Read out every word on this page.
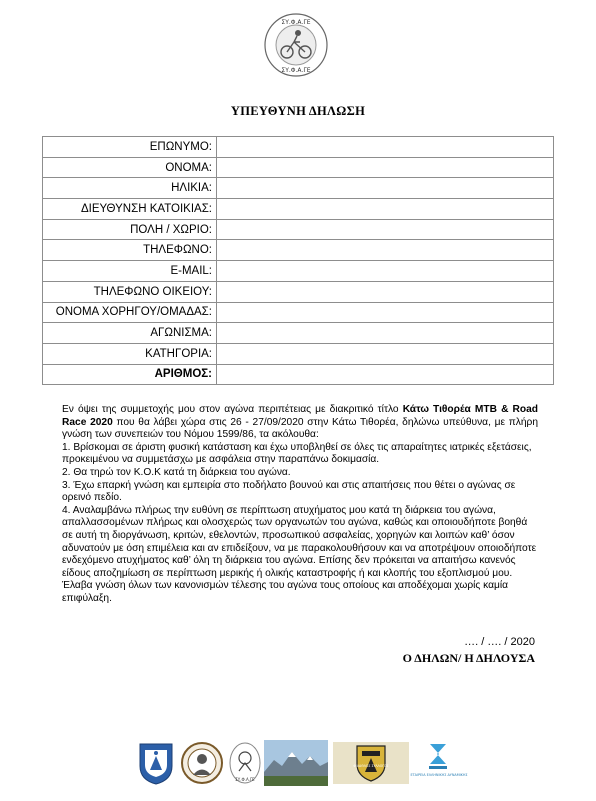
ΣΥ.Φ.Α.ΓΕ
ΣΥ.Φ.Α.ΓΕ
ΥΠΕΥΘΥΝΗ ΔΗΛΩΣΗ
ΕΠΩΝΥΜΟ:	
ΟΝΟΜΑ:	
ΗΛΙΚΙΑ:	
ΔΙΕΥΘΥΝΣΗ ΚΑΤΟΙΚΙΑΣ:	
ΠΟΛΗ / ΧΩΡΙΟ:	
ΤΗΛΕΦΩΝΟ:	
E-MAIL:	
ΤΗΛΕΦΩΝΟ ΟΙΚΕΙΟΥ:	
ΟΝΟΜΑ ΧΟΡΗΓΟΥ/ΟΜΑΔΑΣ:	
ΑΓΩΝΙΣΜΑ:	
ΚΑΤΗΓΟΡΙΑ:	
ΑΡΙΘΜΟΣ:	

Εν όψει της συμμετοχής μου στον αγώνα περιπέτειας με διακριτικό τίτλο Κάτω Τιθορέα MTB & Road Race 2020 που θα λάβει χώρα στις 26 - 27/09/2020 στην Κάτω Τιθορέα, δηλώνω υπεύθυνα, με πλήρη γνώση των συνεπειών του Νόμου 1599/86, τα ακόλουθα:

1. Βρίσκομαι σε άριστη φυσική κατάσταση και έχω υποβληθεί σε όλες τις απαραίτητες ιατρικές εξετάσεις, προκειμένου να συμμετάσχω με ασφάλεια στην παραπάνω δοκιμασία.

2. Θα τηρώ τον Κ.Ο.Κ κατά τη διάρκεια του αγώνα.

3. Έχω επαρκή γνώση και εμπειρία στο ποδήλατο βουνού και στις απαιτήσεις που θέτει ο αγώνας σε ορεινό πεδίο.

4. Αναλαμβάνω πλήρως την ευθύνη σε περίπτωση ατυχήματος μου κατά τη διάρκεια του αγώνα, απαλλασσομένων πλήρως και ολοσχερώς των οργανωτών του αγώνα, καθώς και οποιουδήποτε βοηθά σε αυτή τη διοργάνωση, κριτών, εθελοντών, προσωπικού ασφαλείας, χορηγών και λοιπών καθ’ όσον αδυνατούν με όση επιμέλεια και αν επιδείξουν, να με παρακολουθήσουν και να αποτρέψουν οποιοδήποτε ενδεχόμενο ατυχήματος καθ’ όλη τη διάρκεια του αγώνα. Επίσης δεν πρόκειται να απαιτήσω κανενός είδους αποζημίωση σε περίπτωση μερικής ή ολικής καταστροφής ή και κλοπής του εξοπλισμού μου.

Έλαβα γνώση όλων των κανονισμών τέλεσης του αγώνα τους οποίους και αποδέχομαι χωρίς καμία επιφύλαξη.

…. / …. / 2020
Ο ΔΗΛΩΝ/ Η ΔΗΛΟΥΣΑ
ΣΥ.Φ.Α.ΓΕ
ΦΙΛΑΘΛΟΣ ΣΥΛΛΟΓΟΣ
ΕΤΑΙΡΕΙΑ ΕΛΛΗΝΙΚΗΣ ΔΥΝΑΜΙΚΗΣ
